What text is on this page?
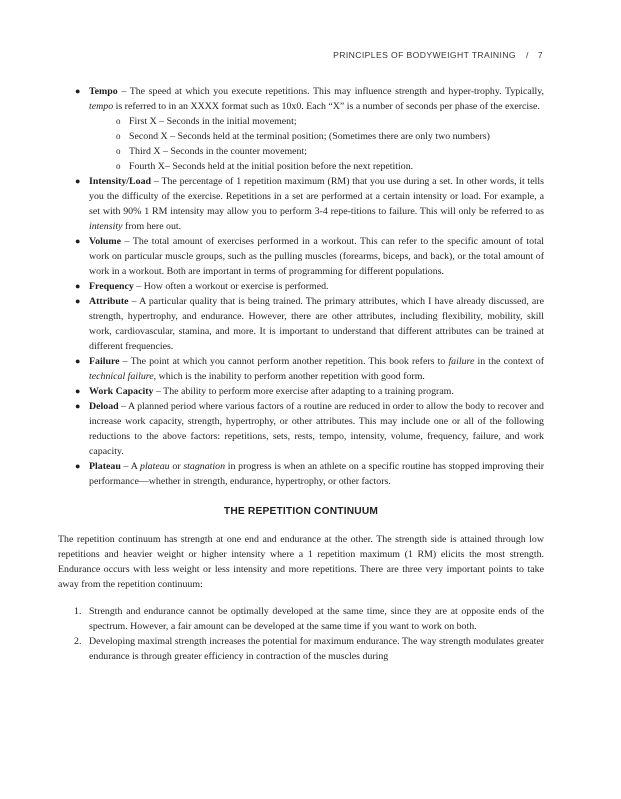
PRINCIPLES OF BODYWEIGHT TRAINING / 7
● Tempo – The speed at which you execute repetitions. This may influence strength and hyper-trophy. Typically, tempo is referred to in an XXXX format such as 10x0. Each “X” is a number of seconds per phase of the exercise.
o First X – Seconds in the initial movement;
o Second X – Seconds held at the terminal position; (Sometimes there are only two numbers)
o Third X – Seconds in the counter movement;
o Fourth X– Seconds held at the initial position before the next repetition.
● Intensity/Load – The percentage of 1 repetition maximum (RM) that you use during a set. In other words, it tells you the difficulty of the exercise. Repetitions in a set are performed at a certain intensity or load. For example, a set with 90% 1 RM intensity may allow you to perform 3-4 repe-titions to failure. This will only be referred to as intensity from here out.
● Volume – The total amount of exercises performed in a workout. This can refer to the specific amount of total work on particular muscle groups, such as the pulling muscles (forearms, biceps, and back), or the total amount of work in a workout. Both are important in terms of programming for different populations.
● Frequency – How often a workout or exercise is performed.
● Attribute – A particular quality that is being trained. The primary attributes, which I have already discussed, are strength, hypertrophy, and endurance. However, there are other attributes, including flexibility, mobility, skill work, cardiovascular, stamina, and more. It is important to understand that different attributes can be trained at different frequencies.
● Failure – The point at which you cannot perform another repetition. This book refers to failure in the context of technical failure, which is the inability to perform another repetition with good form.
● Work Capacity – The ability to perform more exercise after adapting to a training program.
● Deload – A planned period where various factors of a routine are reduced in order to allow the body to recover and increase work capacity, strength, hypertrophy, or other attributes. This may include one or all of the following reductions to the above factors: repetitions, sets, rests, tempo, intensity, volume, frequency, failure, and work capacity.
● Plateau – A plateau or stagnation in progress is when an athlete on a specific routine has stopped improving their performance—whether in strength, endurance, hypertrophy, or other factors.
THE REPETITION CONTINUUM

The repetition continuum has strength at one end and endurance at the other. The strength side is attained through low repetitions and heavier weight or higher intensity where a 1 repetition maximum (1 RM) elicits the most strength. Endurance occurs with less weight or less intensity and more repetitions. There are three very important points to take away from the repetition continuum:

1. Strength and endurance cannot be optimally developed at the same time, since they are at opposite ends of the spectrum. However, a fair amount can be developed at the same time if you want to work on both.
2. Developing maximal strength increases the potential for maximum endurance. The way strength modulates greater endurance is through greater efficiency in contraction of the muscles during
